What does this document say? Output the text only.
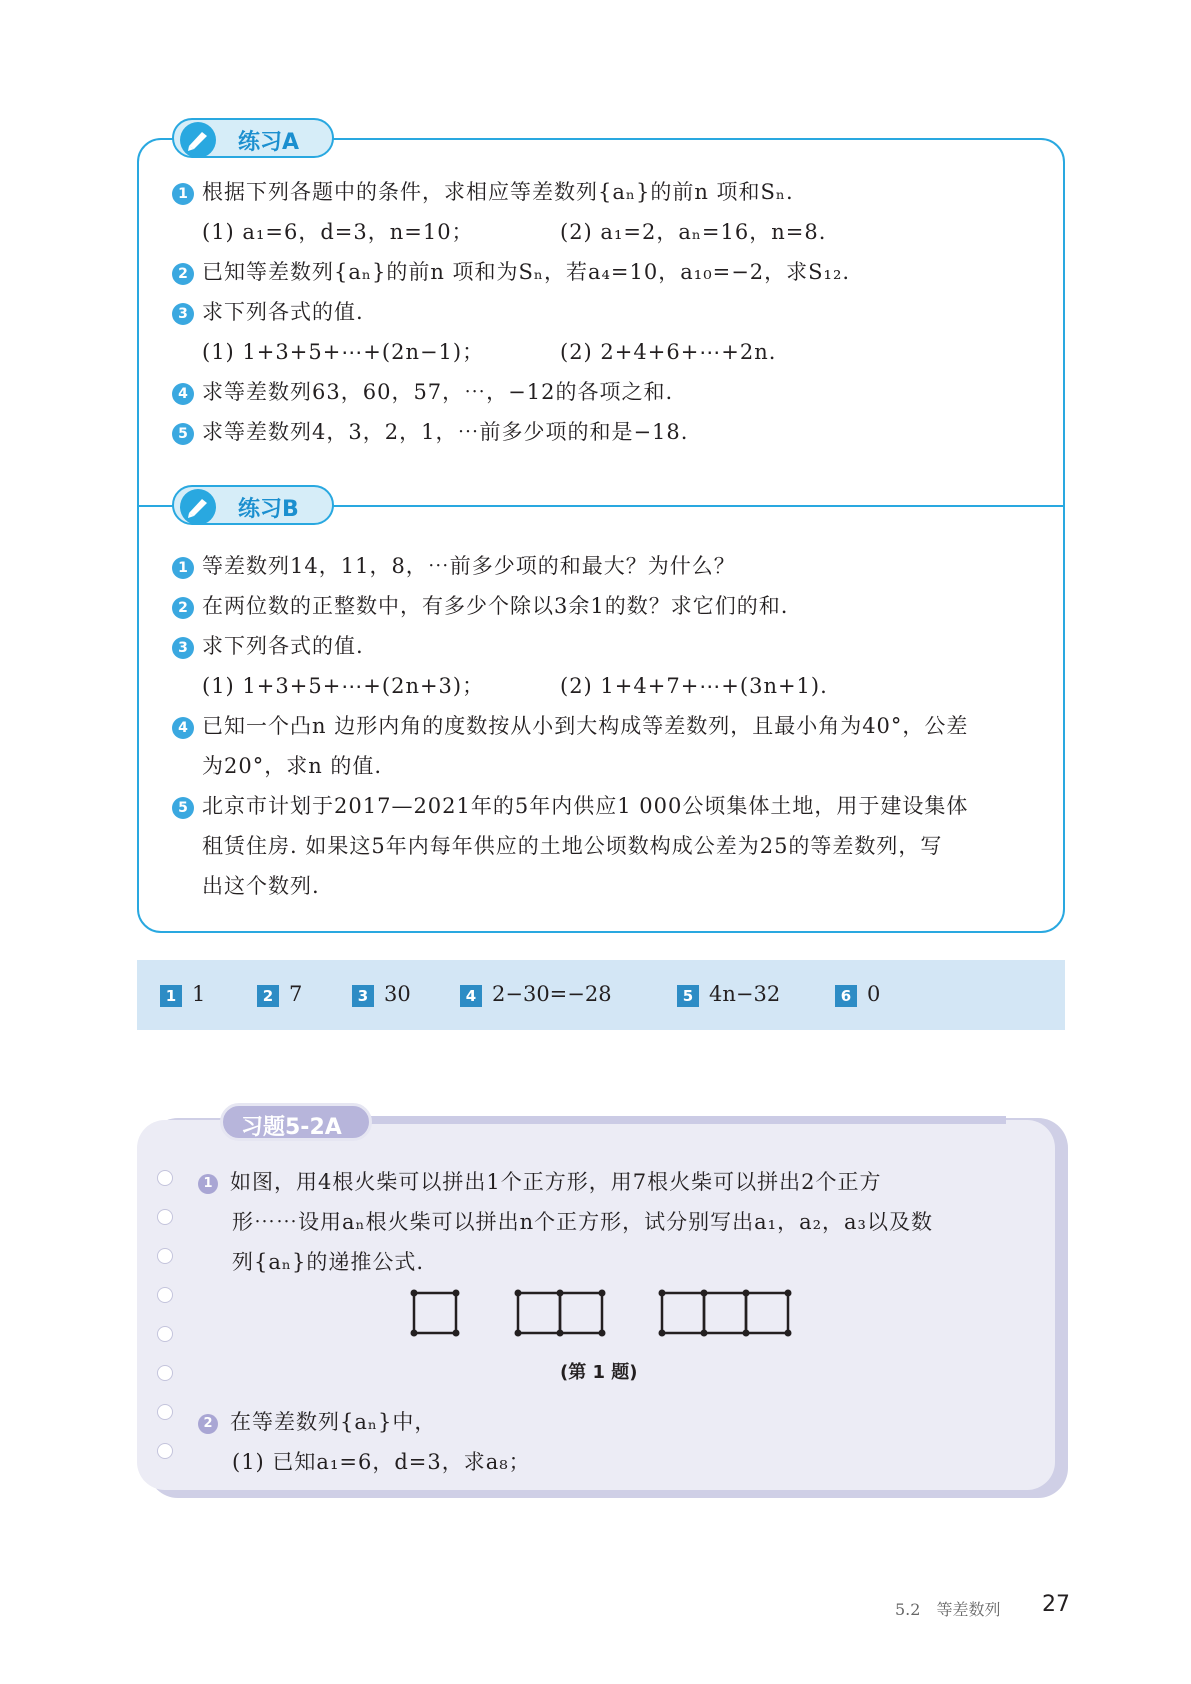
练习A
1 根据下列各题中的条件，求相应等差数列{aₙ}的前n 项和Sₙ.
(1) a₁=6，d=3，n=10；	(2) a₁=2，aₙ=16，n=8.
2 已知等差数列{aₙ}的前n 项和为Sₙ，若a₄=10，a₁₀=−2，求S₁₂.
3 求下列各式的值.
(1) 1+3+5+⋯+(2n−1)；	(2) 2+4+6+⋯+2n.
4 求等差数列63，60，57，⋯，−12的各项之和.
5 求等差数列4，3，2，1，⋯前多少项的和是−18.
练习B
1 等差数列14，11，8，⋯前多少项的和最大？为什么？
2 在两位数的正整数中，有多少个除以3余1的数？求它们的和.
3 求下列各式的值.
(1) 1+3+5+⋯+(2n+3)；	(2) 1+4+7+⋯+(3n+1).
4 已知一个凸n 边形内角的度数按从小到大构成等差数列，且最小角为40°，公差
为20°，求n 的值.
5 北京市计划于2017—2021年的5年内供应1 000公顷集体土地，用于建设集体
租赁住房. 如果这5年内每年供应的土地公顷数构成公差为25的等差数列，写
出这个数列.
1 1	2 7	3 30	4 2−30=−28	5 4n−32	6 0
习题5-2A
1 如图，用4根火柴可以拼出1个正方形，用7根火柴可以拼出2个正方
形⋯⋯设用aₙ根火柴可以拼出n个正方形，试分别写出a₁，a₂，a₃以及数
列{aₙ}的递推公式.
(第 1 题)
2 在等差数列{aₙ}中，
(1) 已知a₁=6，d=3，求a₈；
5.2　等差数列 27
